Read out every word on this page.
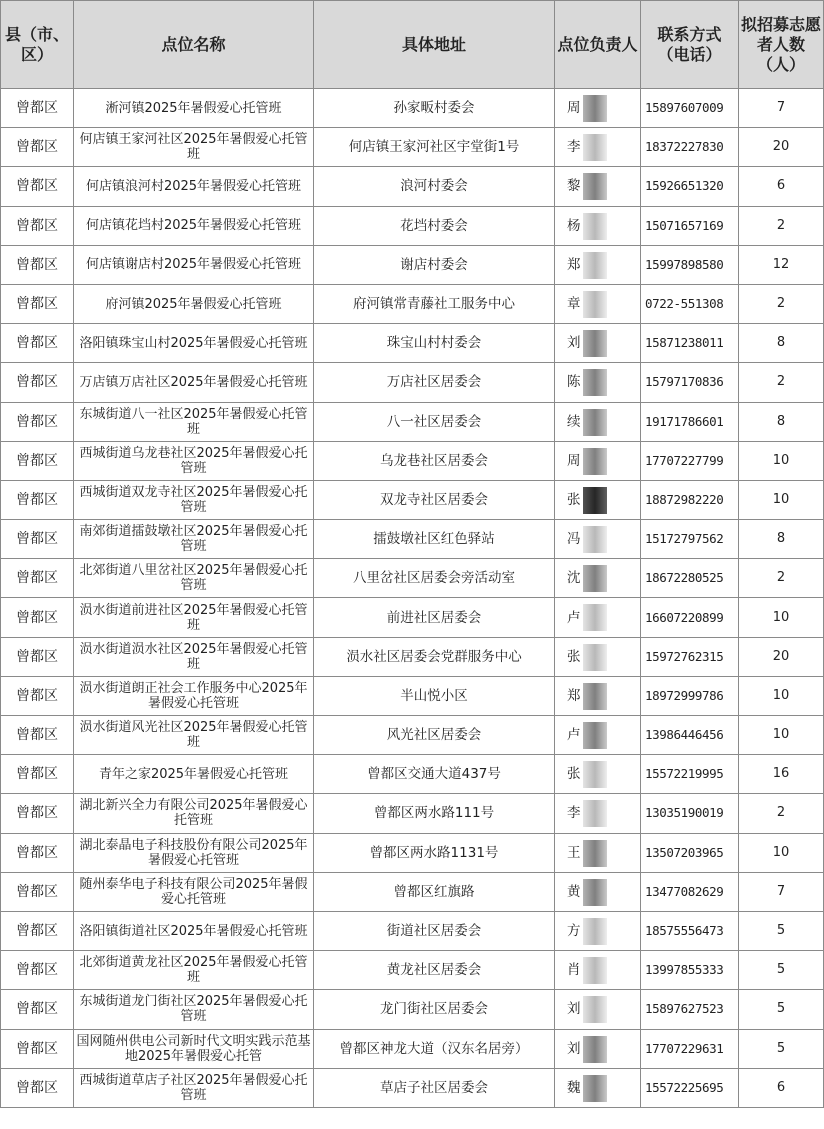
县（市、区）	点位名称	具体地址	点位负责人	联系方式（电话）	拟招募志愿者人数（人）
曾都区	淅河镇2025年暑假爱心托管班	孙家畈村委会	周	15897607009	7
曾都区	何店镇王家河社区2025年暑假爱心托管班	何店镇王家河社区宇堂街1号	李	18372227830	20
曾都区	何店镇浪河村2025年暑假爱心托管班	浪河村委会	黎	15926651320	6
曾都区	何店镇花垱村2025年暑假爱心托管班	花垱村委会	杨	15071657169	2
曾都区	何店镇谢店村2025年暑假爱心托管班	谢店村委会	郑	15997898580	12
曾都区	府河镇2025年暑假爱心托管班	府河镇常青藤社工服务中心	章	0722-551308	2
曾都区	洛阳镇珠宝山村2025年暑假爱心托管班	珠宝山村村委会	刘	15871238011	8
曾都区	万店镇万店社区2025年暑假爱心托管班	万店社区居委会	陈	15797170836	2
曾都区	东城街道八一社区2025年暑假爱心托管班	八一社区居委会	续	19171786601	8
曾都区	西城街道乌龙巷社区2025年暑假爱心托管班	乌龙巷社区居委会	周	17707227799	10
曾都区	西城街道双龙寺社区2025年暑假爱心托管班	双龙寺社区居委会	张	18872982220	10
曾都区	南郊街道擂鼓墩社区2025年暑假爱心托管班	擂鼓墩社区红色驿站	冯	15172797562	8
曾都区	北郊街道八里岔社区2025年暑假爱心托管班	八里岔社区居委会旁活动室	沈	18672280525	2
曾都区	涢水街道前进社区2025年暑假爱心托管班	前进社区居委会	卢	16607220899	10
曾都区	涢水街道涢水社区2025年暑假爱心托管班	涢水社区居委会党群服务中心	张	15972762315	20
曾都区	涢水街道朗正社会工作服务中心2025年暑假爱心托管班	半山悦小区	郑	18972999786	10
曾都区	涢水街道风光社区2025年暑假爱心托管班	风光社区居委会	卢	13986446456	10
曾都区	青年之家2025年暑假爱心托管班	曾都区交通大道437号	张	15572219995	16
曾都区	湖北新兴全力有限公司2025年暑假爱心托管班	曾都区两水路111号	李	13035190019	2
曾都区	湖北泰晶电子科技股份有限公司2025年暑假爱心托管班	曾都区两水路1131号	王	13507203965	10
曾都区	随州泰华电子科技有限公司2025年暑假爱心托管班	曾都区红旗路	黄	13477082629	7
曾都区	洛阳镇街道社区2025年暑假爱心托管班	街道社区居委会	方	18575556473	5
曾都区	北郊街道黄龙社区2025年暑假爱心托管班	黄龙社区居委会	肖	13997855333	5
曾都区	东城街道龙门街社区2025年暑假爱心托管班	龙门街社区居委会	刘	15897627523	5
曾都区	国网随州供电公司新时代文明实践示范基地2025年暑假爱心托管	曾都区神龙大道（汉东名居旁）	刘	17707229631	5
曾都区	西城街道草店子社区2025年暑假爱心托管班	草店子社区居委会	魏	15572225695	6
